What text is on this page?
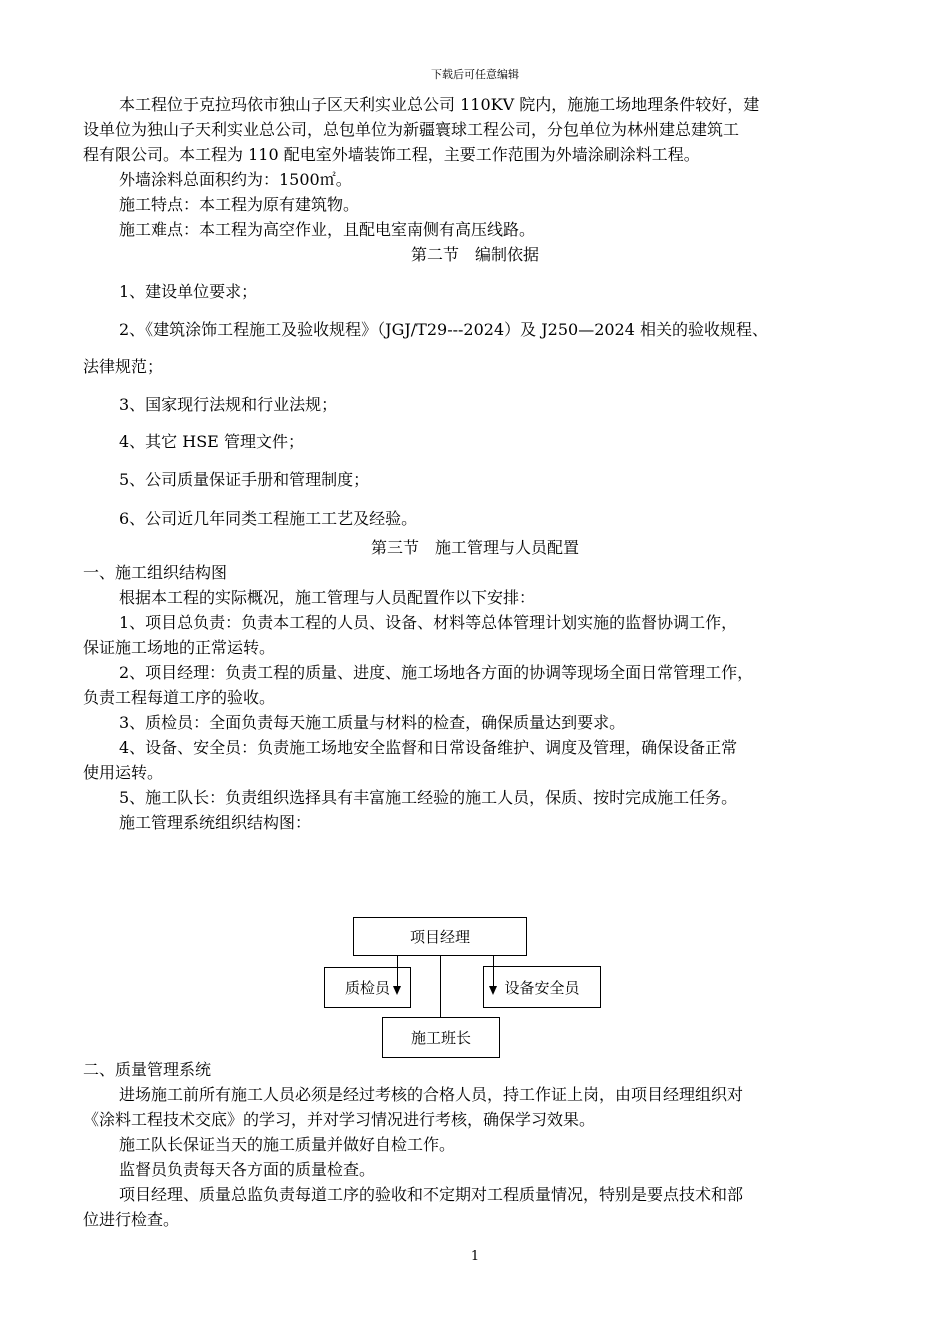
下载后可任意编辑
本工程位于克拉玛依市独山子区天利实业总公司 110KV 院内，施施工场地理条件较好，建
设单位为独山子天利实业总公司，总包单位为新疆寰球工程公司，分包单位为林州建总建筑工
程有限公司。本工程为 110 配电室外墙装饰工程，主要工作范围为外墙涂刷涂料工程。
外墙涂料总面积约为：1500㎡。
施工特点：本工程为原有建筑物。
施工难点：本工程为高空作业，且配电室南侧有高压线路。
第二节　编制依据
1、建设单位要求；
2、《建筑涂饰工程施工及验收规程》（JGJ/T29---2024）及 J250—2024 相关的验收规程、
法律规范；
3、国家现行法规和行业法规；
4、其它 HSE 管理文件；
5、公司质量保证手册和管理制度；
6、公司近几年同类工程施工工艺及经验。
第三节　施工管理与人员配置
一、施工组织结构图
根据本工程的实际概况，施工管理与人员配置作以下安排：
1、项目总负责：负责本工程的人员、设备、材料等总体管理计划实施的监督协调工作，
保证施工场地的正常运转。
2、项目经理：负责工程的质量、进度、施工场地各方面的协调等现场全面日常管理工作，
负责工程每道工序的验收。
3、质检员：全面负责每天施工质量与材料的检查，确保质量达到要求。
4、设备、安全员：负责施工场地安全监督和日常设备维护、调度及管理，确保设备正常
使用运转。
5、施工队长：负责组织选择具有丰富施工经验的施工人员，保质、按时完成施工任务。
施工管理系统组织结构图：
项目经理
质检员	设备安全员
施工班长
二、质量管理系统
进场施工前所有施工人员必须是经过考核的合格人员，持工作证上岗，由项目经理组织对
《涂料工程技术交底》的学习，并对学习情况进行考核，确保学习效果。
施工队长保证当天的施工质量并做好自检工作。
监督员负责每天各方面的质量检查。
项目经理、质量总监负责每道工序的验收和不定期对工程质量情况，特别是要点技术和部
位进行检查。
1
